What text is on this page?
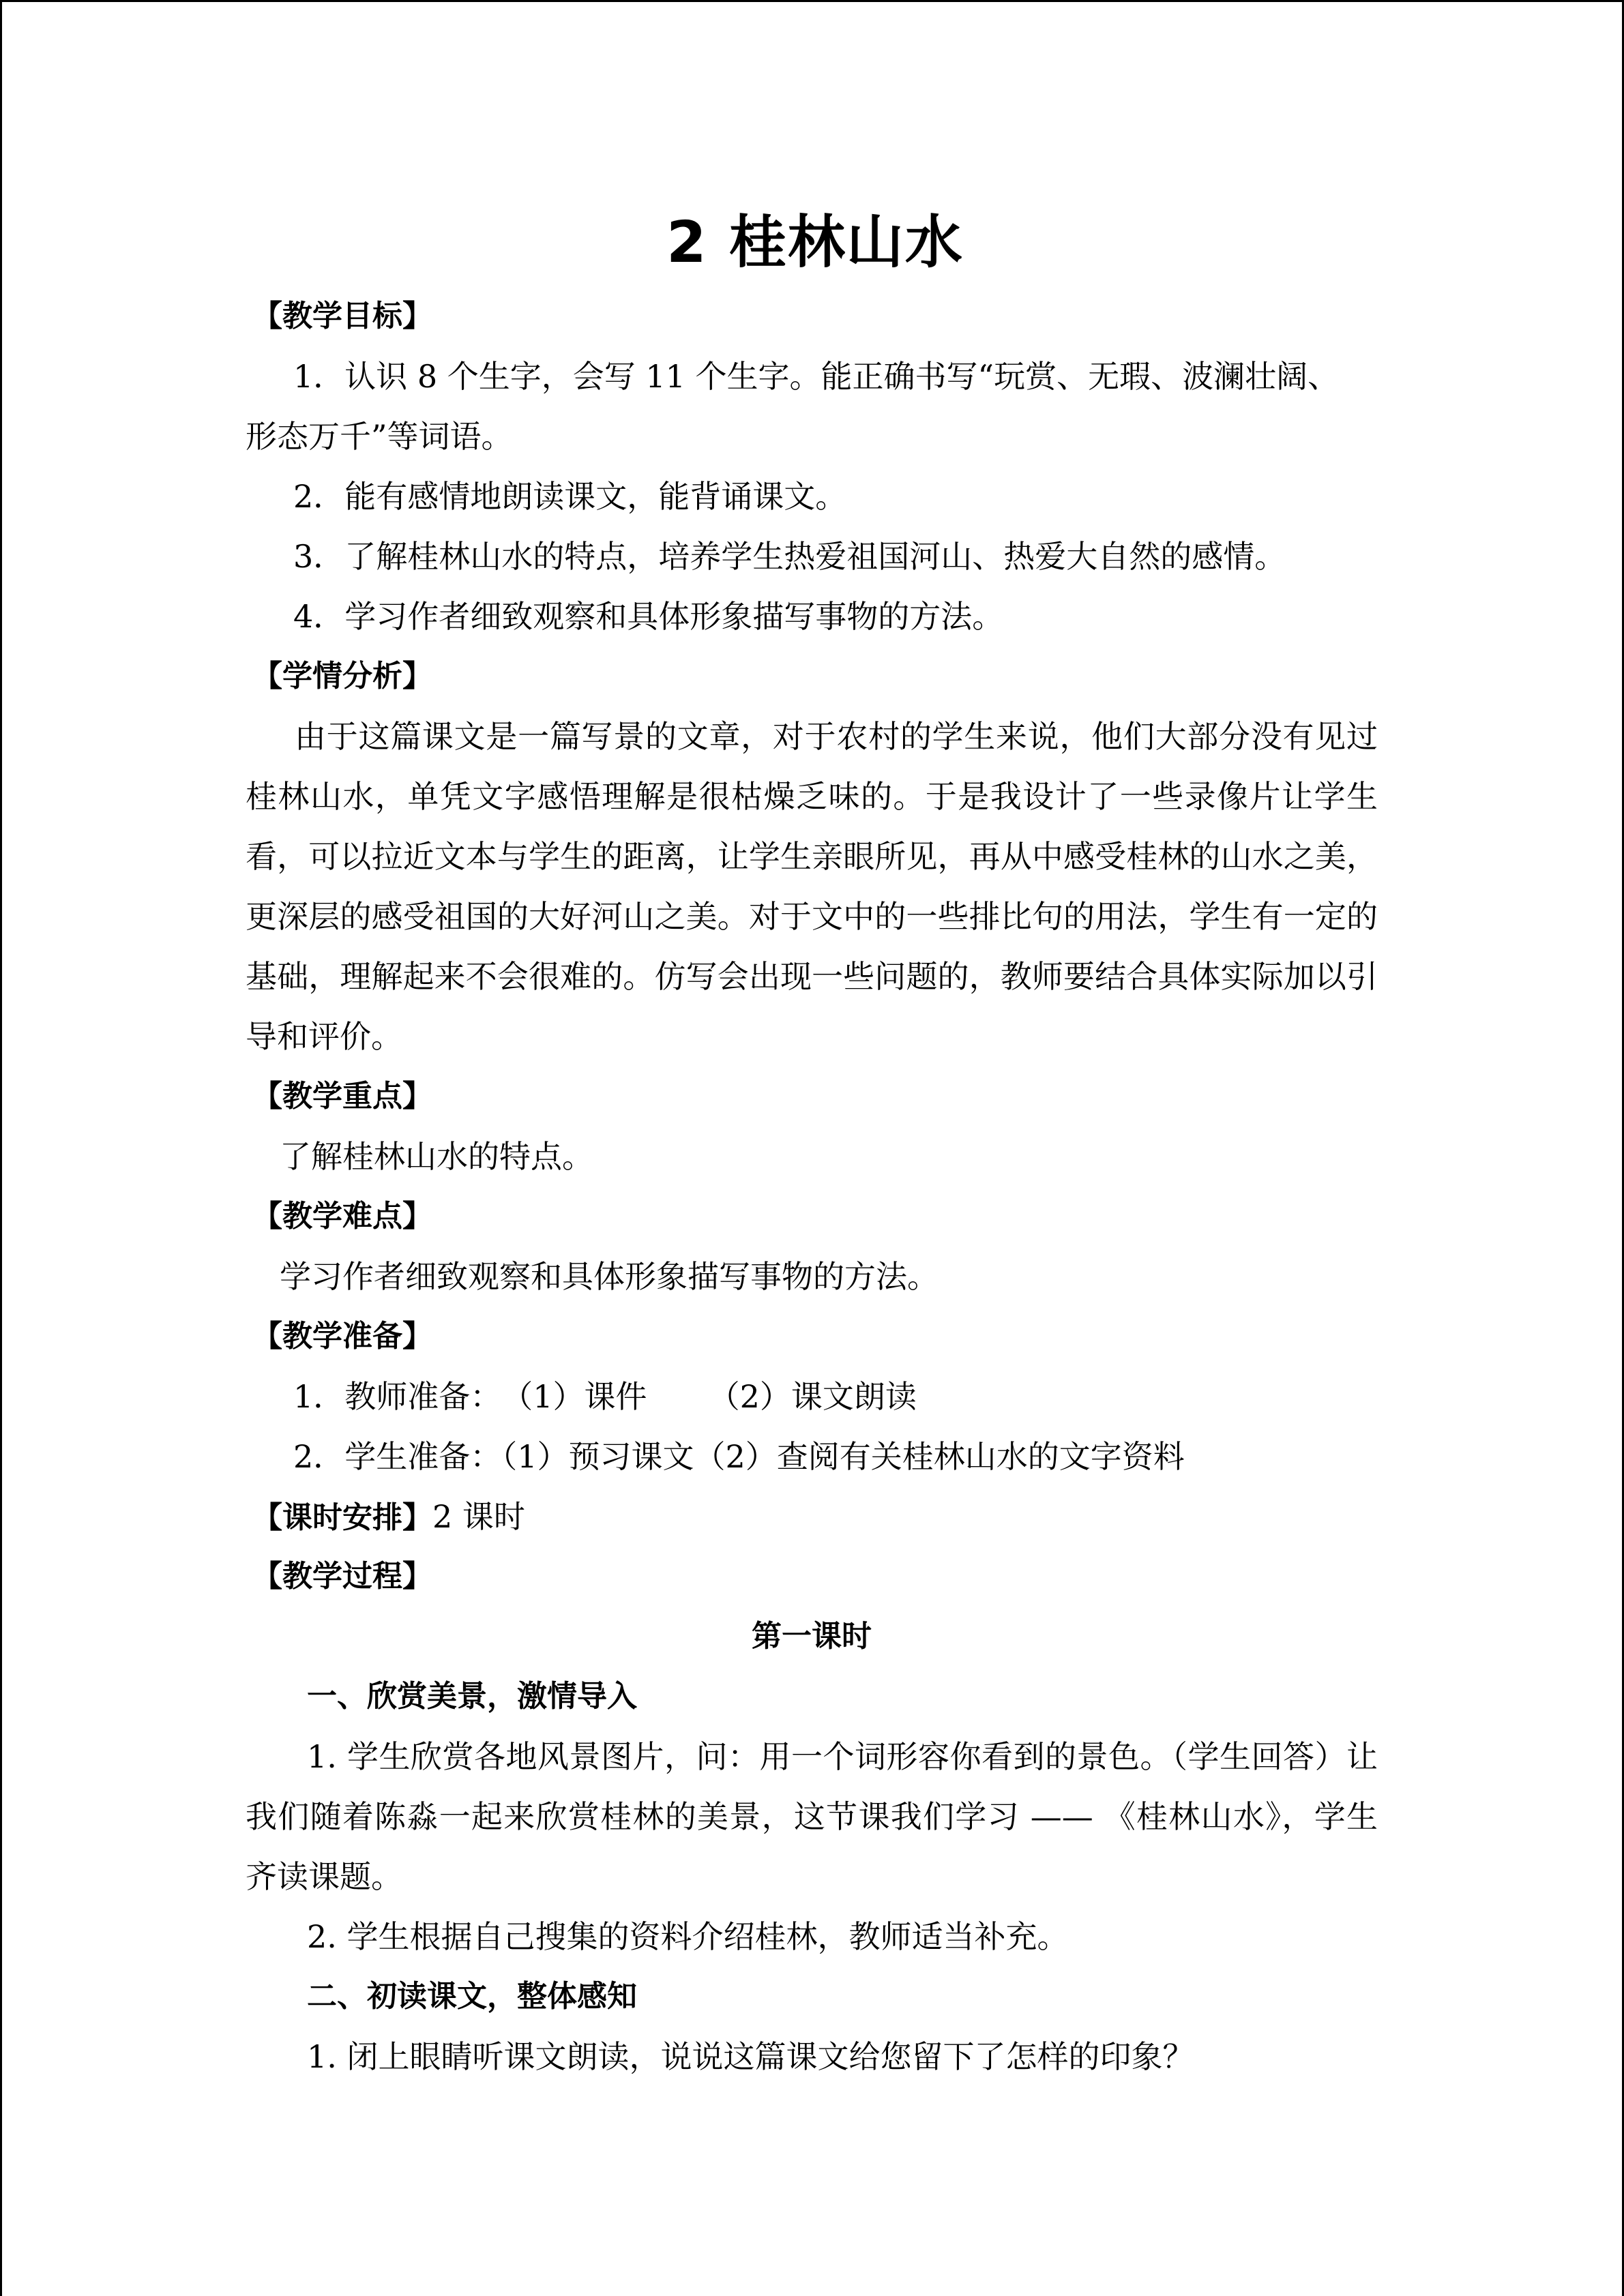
2 桂林山水
【教学目标】
1．认识 8 个生字，会写 11 个生字。能正确书写“玩赏、无瑕、波澜壮阔、
形态万千”等词语。
2．能有感情地朗读课文，能背诵课文。
3．了解桂林山水的特点，培养学生热爱祖国河山、热爱大自然的感情。
4．学习作者细致观察和具体形象描写事物的方法。
【学情分析】
由于这篇课文是一篇写景的文章，对于农村的学生来说，他们大部分没有见过桂林山水，单凭文字感悟理解是很枯燥乏味的。于是我设计了一些录像片让学生看，可以拉近文本与学生的距离，让学生亲眼所见，再从中感受桂林的山水之美，更深层的感受祖国的大好河山之美。对于文中的一些排比句的用法，学生有一定的基础，理解起来不会很难的。仿写会出现一些问题的，教师要结合具体实际加以引导和评价。
【教学重点】
了解桂林山水的特点。
【教学难点】
学习作者细致观察和具体形象描写事物的方法。
【教学准备】
1．教师准备：（1）课件 （2）课文朗读
2．学生准备：（1）预习课文（2）查阅有关桂林山水的文字资料
【课时安排】2 课时
【教学过程】
第一课时
一、欣赏美景，激情导入
1. 学生欣赏各地风景图片，问：用一个词形容你看到的景色。（学生回答）让我们随着陈淼一起来欣赏桂林的美景，这节课我们学习 —— 《桂林山水》，学生齐读课题。
2. 学生根据自己搜集的资料介绍桂林，教师适当补充。
二、初读课文，整体感知
1. 闭上眼睛听课文朗读，说说这篇课文给您留下了怎样的印象？
